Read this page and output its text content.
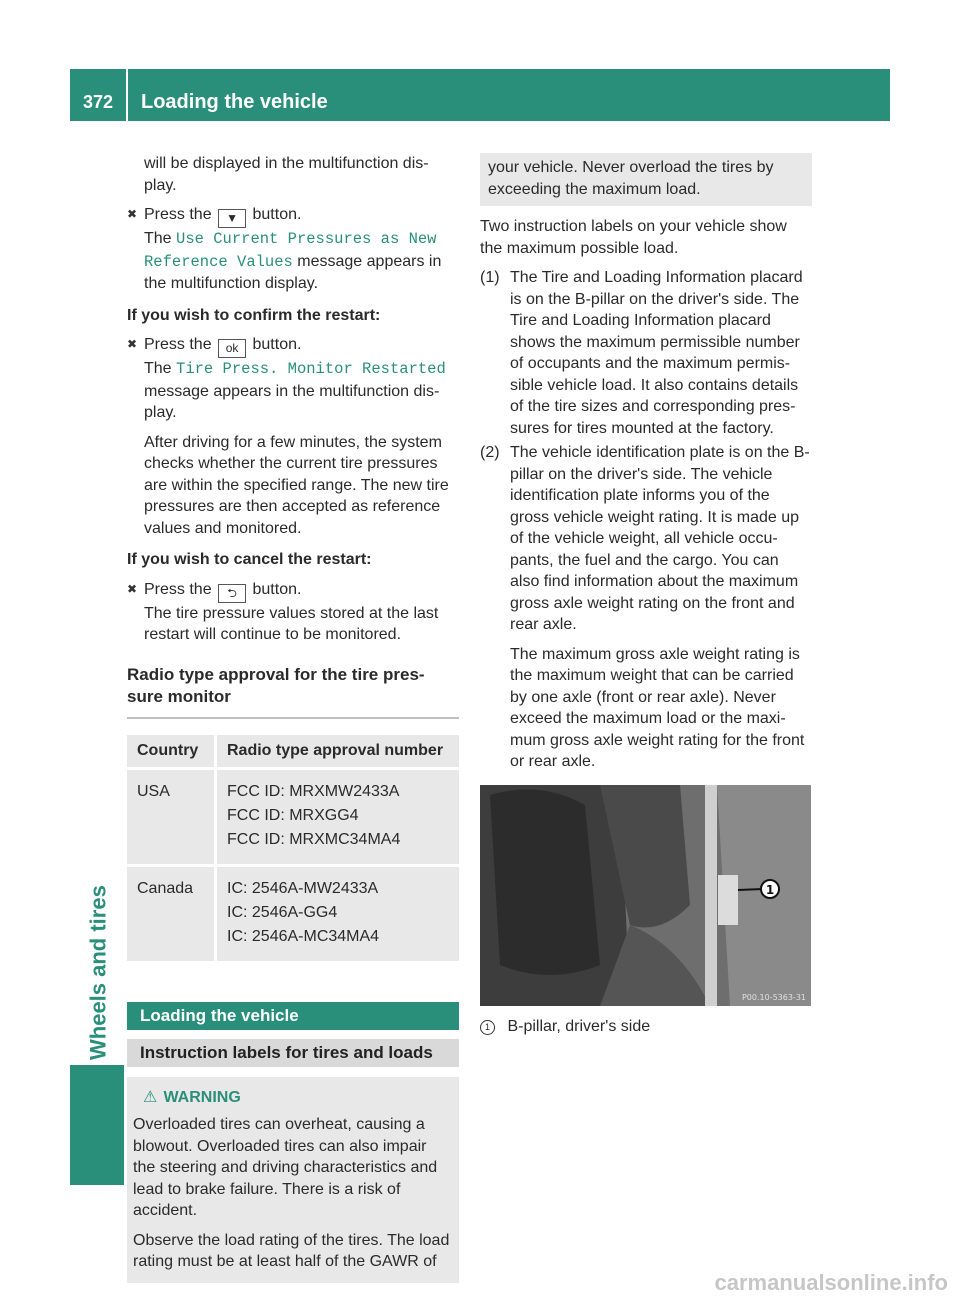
372	Loading the vehicle
Wheels and tires

will be displayed in the multifunction dis-play.

✖ Press the ▼ button.
The Use Current Pressures as New Reference Values message appears in the multifunction display.
If you wish to confirm the restart:
✖ Press the ok button.
The Tire Press. Monitor Restarted message appears in the multifunction dis-play.

After driving for a few minutes, the system checks whether the current tire pressures are within the specified range. The new tire pressures are then accepted as reference values and monitored.

If you wish to cancel the restart:
✖ Press the ⮌ button.
The tire pressure values stored at the last restart will continue to be monitored.
Radio type approval for the tire pres-sure monitor
Country	Radio type approval number
USA	FCC ID: MRXMW2433A
FCC ID: MRXGG4
FCC ID: MRXMC34MA4

Canada	IC: 2546A-MW2433A
IC: 2546A-GG4
IC: 2546A-MC34MA4
Loading the vehicle
Instruction labels for tires and loads
⚠ WARNING

Overloaded tires can overheat, causing a blowout. Overloaded tires can also impair the steering and driving characteristics and lead to brake failure. There is a risk of accident.

Observe the load rating of the tires. The load rating must be at least half of the GAWR of

your vehicle. Never overload the tires by exceeding the maximum load.

Two instruction labels on your vehicle show the maximum possible load.

(1) The Tire and Loading Information placard is on the B-pillar on the driver's side. The Tire and Loading Information placard shows the maximum permissible number of occupants and the maximum permis-sible vehicle load. It also contains details of the tire sizes and corresponding pres-sures for tires mounted at the factory.
(2) The vehicle identification plate is on the B-pillar on the driver's side. The vehicle identification plate informs you of the gross vehicle weight rating. It is made up of the vehicle weight, all vehicle occu-pants, the fuel and the cargo. You can also find information about the maximum gross axle weight rating on the front and rear axle.
The maximum gross axle weight rating is the maximum weight that can be carried by one axle (front or rear axle). Never exceed the maximum load or the maxi-mum gross axle weight rating for the front or rear axle.
1
P00.10-5363-31
1 B-pillar, driver's side
carmanualsonline.info
